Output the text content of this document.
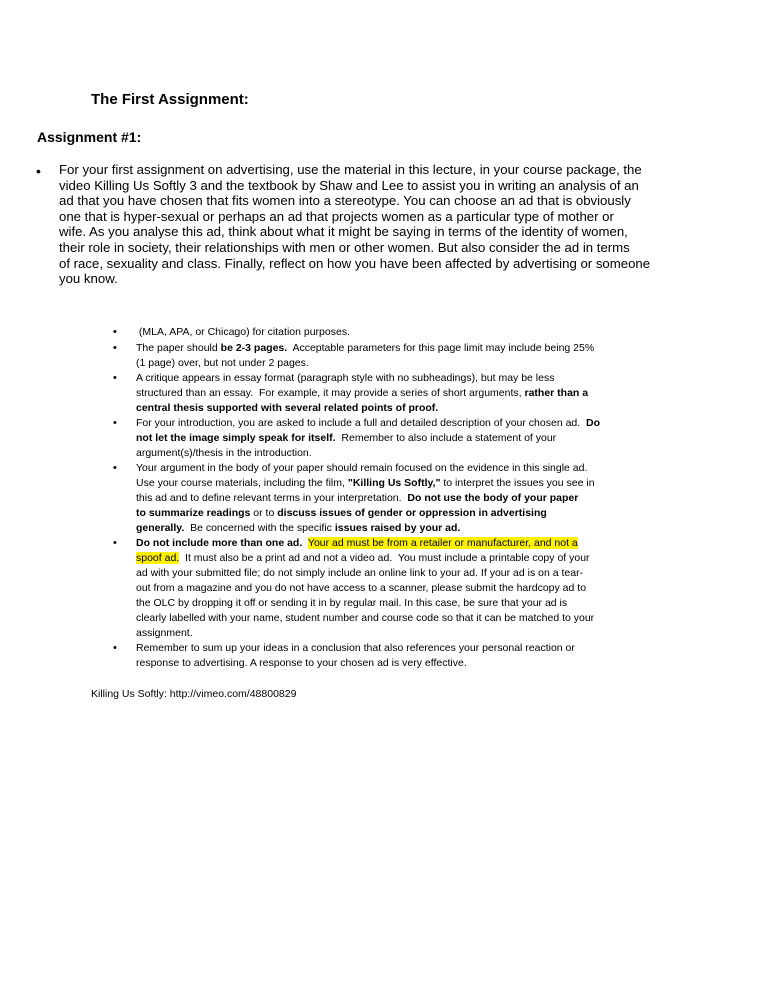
The First Assignment:
Assignment #1:
• For your first assignment on advertising, use the material in this lecture, in your course package, the
video Killing Us Softly 3 and the textbook by Shaw and Lee to assist you in writing an analysis of an
ad that you have chosen that fits women into a stereotype. You can choose an ad that is obviously
one that is hyper-sexual or perhaps an ad that projects women as a particular type of mother or
wife. As you analyse this ad, think about what it might be saying in terms of the identity of women,
their role in society, their relationships with men or other women. But also consider the ad in terms
of race, sexuality and class. Finally, reflect on how you have been affected by advertising or someone
you know.
• (MLA, APA, or Chicago) for citation purposes.
• The paper should be 2-3 pages.  Acceptable parameters for this page limit may include being 25%
(1 page) over, but not under 2 pages.
• A critique appears in essay format (paragraph style with no subheadings), but may be less
structured than an essay.  For example, it may provide a series of short arguments, rather than a
central thesis supported with several related points of proof.
• For your introduction, you are asked to include a full and detailed description of your chosen ad.  Do
not let the image simply speak for itself.  Remember to also include a statement of your
argument(s)/thesis in the introduction.
• Your argument in the body of your paper should remain focused on the evidence in this single ad.
Use your course materials, including the film, "Killing Us Softly," to interpret the issues you see in
this ad and to define relevant terms in your interpretation.  Do not use the body of your paper
to summarize readings or to discuss issues of gender or oppression in advertising
generally.  Be concerned with the specific issues raised by your ad.
• Do not include more than one ad. Your ad must be from a retailer or manufacturer, and not a
spoof ad.  It must also be a print ad and not a video ad.  You must include a printable copy of your
ad with your submitted file; do not simply include an online link to your ad. If your ad is on a tear-
out from a magazine and you do not have access to a scanner, please submit the hardcopy ad to
the OLC by dropping it off or sending it in by regular mail. In this case, be sure that your ad is
clearly labelled with your name, student number and course code so that it can be matched to your
assignment.
• Remember to sum up your ideas in a conclusion that also references your personal reaction or
response to advertising. A response to your chosen ad is very effective.
Killing Us Softly: http://vimeo.com/48800829
